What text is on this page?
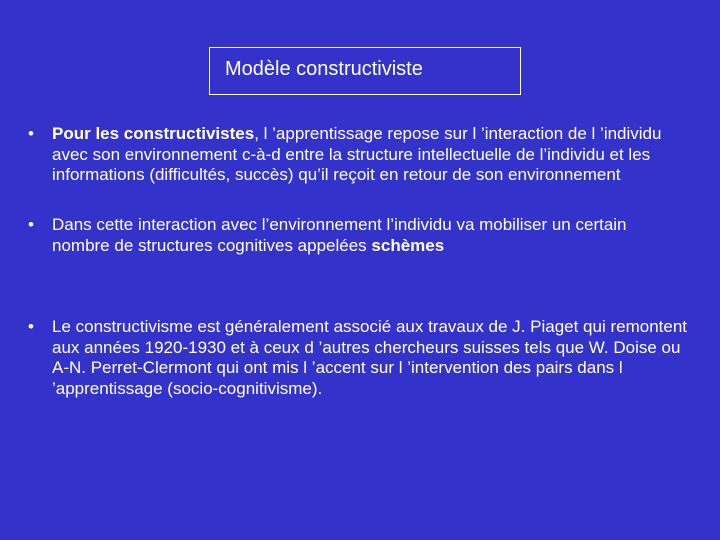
Modèle constructiviste
•	Pour les constructivistes, l ’apprentissage repose sur l ’interaction de l ’individu avec son environnement c-à-d entre la structure intellectuelle de l’individu et les informations (difficultés, succès) qu’il reçoit en retour de son environnement
•	Dans cette interaction avec l’environnement l’individu va mobiliser un certain nombre de structures cognitives appelées schèmes
•	Le constructivisme est généralement associé aux travaux de J. Piaget qui remontent aux années 1920-1930 et à ceux d ’autres chercheurs suisses tels que W. Doise ou A-N. Perret-Clermont qui ont mis l ’accent sur l ’intervention des pairs dans l ’apprentissage (socio-cognitivisme).
